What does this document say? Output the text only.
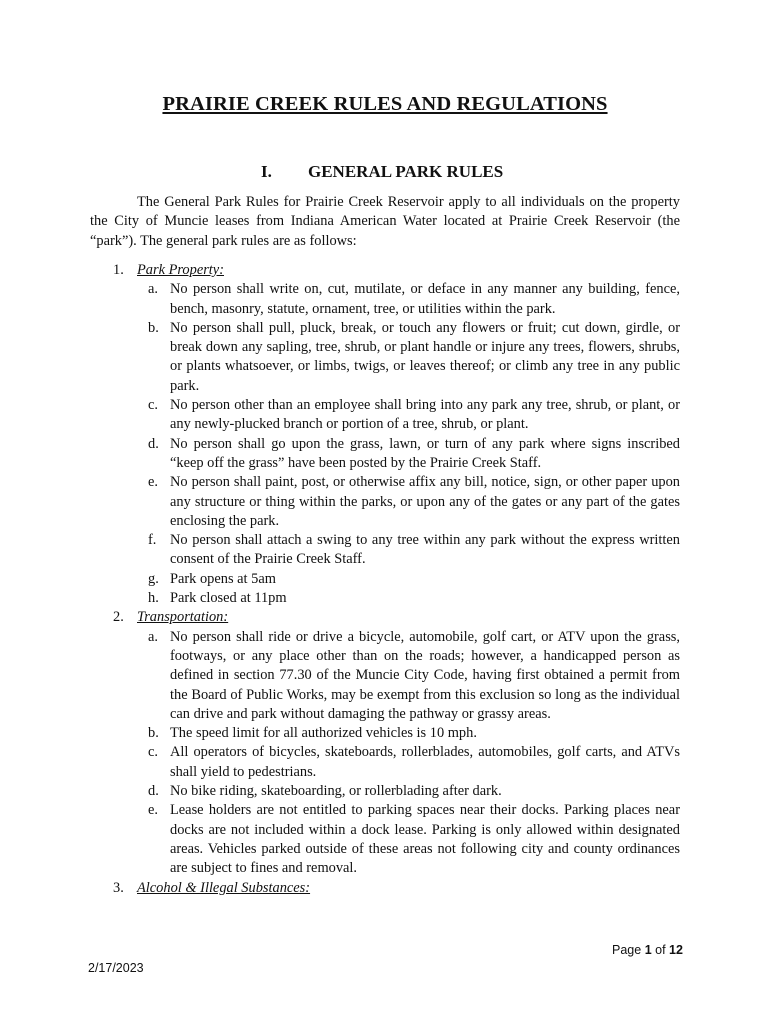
PRAIRIE CREEK RULES AND REGULATIONS
I. GENERAL PARK RULES

The General Park Rules for Prairie Creek Reservoir apply to all individuals on the property the City of Muncie leases from Indiana American Water located at Prairie Creek Reservoir (the “park”). The general park rules are as follows:

1. Park Property:
a. No person shall write on, cut, mutilate, or deface in any manner any building, fence, bench, masonry, statute, ornament, tree, or utilities within the park.
b. No person shall pull, pluck, break, or touch any flowers or fruit; cut down, girdle, or break down any sapling, tree, shrub, or plant handle or injure any trees, flowers, shrubs, or plants whatsoever, or limbs, twigs, or leaves thereof; or climb any tree in any public park.
c. No person other than an employee shall bring into any park any tree, shrub, or plant, or any newly-plucked branch or portion of a tree, shrub, or plant.
d. No person shall go upon the grass, lawn, or turn of any park where signs inscribed “keep off the grass” have been posted by the Prairie Creek Staff.
e. No person shall paint, post, or otherwise affix any bill, notice, sign, or other paper upon any structure or thing within the parks, or upon any of the gates or any part of the gates enclosing the park.
f. No person shall attach a swing to any tree within any park without the express written consent of the Prairie Creek Staff.
g. Park opens at 5am
h. Park closed at 11pm
2. Transportation:
a. No person shall ride or drive a bicycle, automobile, golf cart, or ATV upon the grass, footways, or any place other than on the roads; however, a handicapped person as defined in section 77.30 of the Muncie City Code, having first obtained a permit from the Board of Public Works, may be exempt from this exclusion so long as the individual can drive and park without damaging the pathway or grassy areas.
b. The speed limit for all authorized vehicles is 10 mph.
c. All operators of bicycles, skateboards, rollerblades, automobiles, golf carts, and ATVs shall yield to pedestrians.
d. No bike riding, skateboarding, or rollerblading after dark.
e. Lease holders are not entitled to parking spaces near their docks. Parking places near docks are not included within a dock lease. Parking is only allowed within designated areas. Vehicles parked outside of these areas not following city and county ordinances are subject to fines and removal.
3. Alcohol & Illegal Substances:
Page 1 of 12
2/17/2023
